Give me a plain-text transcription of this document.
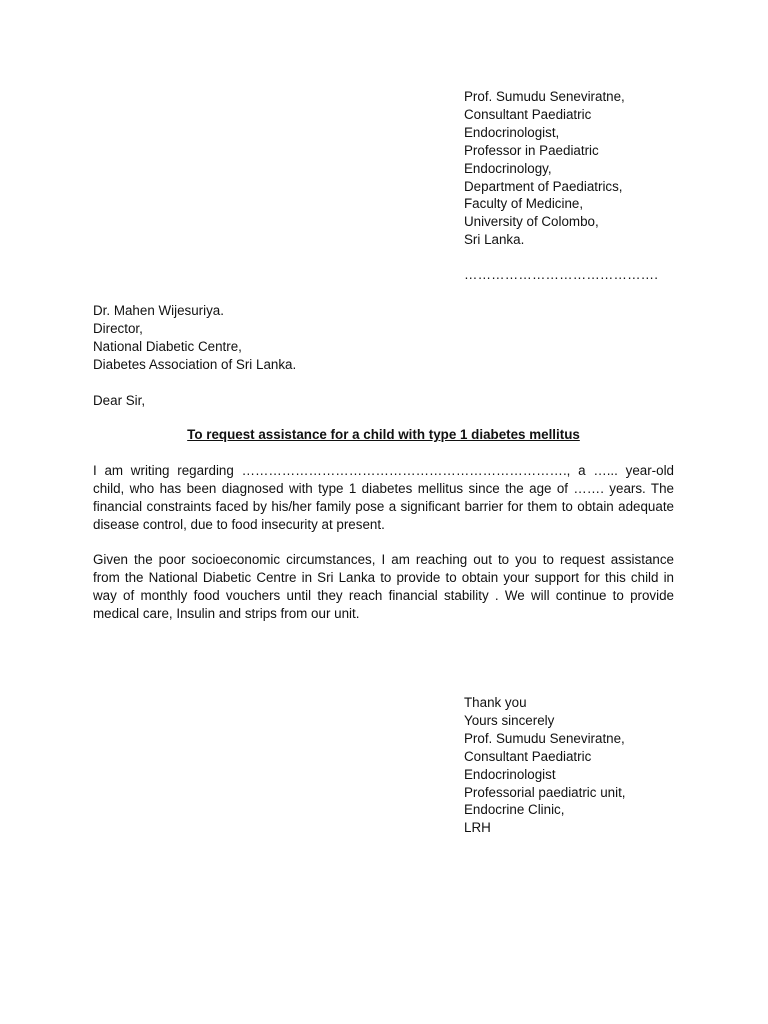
Prof. Sumudu Seneviratne,
Consultant Paediatric
Endocrinologist,
Professor in Paediatric
Endocrinology,
Department of Paediatrics,
Faculty of Medicine,
University of Colombo,
Sri Lanka.
…………………………………….
Dr. Mahen Wijesuriya.
Director,
National Diabetic Centre,
Diabetes Association of Sri Lanka.
Dear Sir,
To request assistance for a child with type 1 diabetes mellitus

I am writing regarding ………………………………………………………………., a …... year-old child, who has been diagnosed with type 1 diabetes mellitus since the age of ……. years. The financial constraints faced by his/her family pose a significant barrier for them to obtain adequate disease control, due to food insecurity at present.

Given the poor socioeconomic circumstances, I am reaching out to you to request assistance from the National Diabetic Centre in Sri Lanka to provide to obtain your support for this child in way of monthly food vouchers until they reach financial stability . We will continue to provide medical care, Insulin and strips from our unit.

Thank you
Yours sincerely
Prof. Sumudu Seneviratne,
Consultant Paediatric
Endocrinologist
Professorial paediatric unit,
Endocrine Clinic,
LRH
